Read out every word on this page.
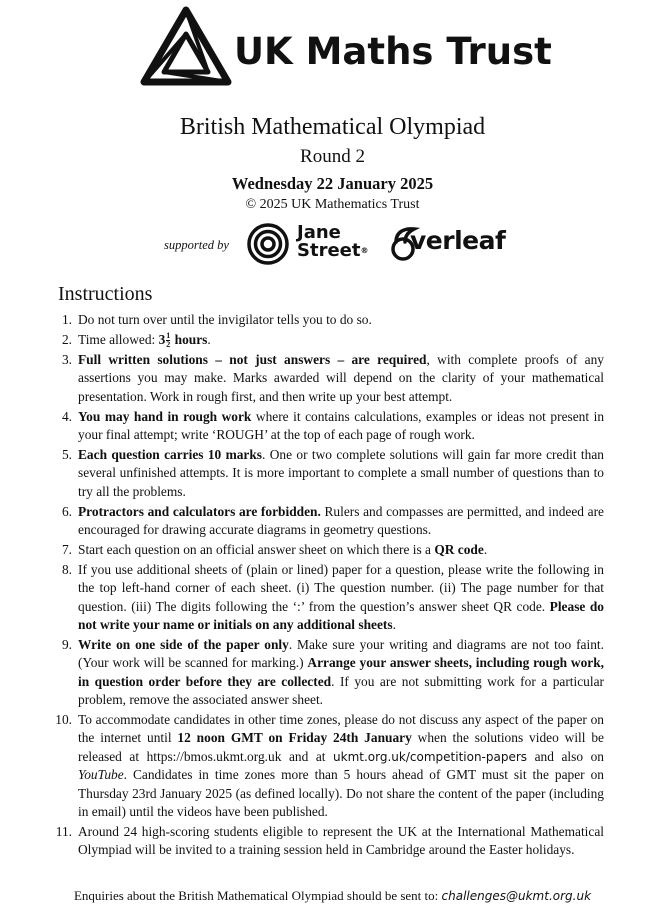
UK Maths Trust
British Mathematical Olympiad
Round 2
Wednesday 22 January 2025
© 2025 UK Mathematics Trust
supported by
Jane
Street® verleaf
Instructions
1. Do not turn over until the invigilator tells you to do so.
2. Time allowed: $3 \frac{1}{2}$ hours.
3. Full written solutions – not just answers – are required, with complete proofs of any assertions you may make. Marks awarded will depend on the clarity of your mathematical presentation. Work in rough first, and then write up your best attempt.
4. You may hand in rough work where it contains calculations, examples or ideas not present in your final attempt; write ‘ROUGH’ at the top of each page of rough work.
5. Each question carries 10 marks. One or two complete solutions will gain far more credit than several unfinished attempts. It is more important to complete a small number of questions than to try all the problems.
6. Protractors and calculators are forbidden. Rulers and compasses are permitted, and indeed are encouraged for drawing accurate diagrams in geometry questions.
7. Start each question on an official answer sheet on which there is a QR code.
8. If you use additional sheets of (plain or lined) paper for a question, please write the following in the top left-hand corner of each sheet. (i) The question number. (ii) The page number for that question. (iii) The digits following the ‘:’ from the question’s answer sheet QR code. Please do not write your name or initials on any additional sheets.
9. Write on one side of the paper only. Make sure your writing and diagrams are not too faint. (Your work will be scanned for marking.) Arrange your answer sheets, including rough work, in question order before they are collected. If you are not submitting work for a particular problem, remove the associated answer sheet.
10. To accommodate candidates in other time zones, please do not discuss any aspect of the paper on the internet until 12 noon GMT on Friday 24th January when the solutions video will be released at https://bmos.ukmt.org.uk and at ukmt.org.uk/competition-papers and also on YouTube. Candidates in time zones more than 5 hours ahead of GMT must sit the paper on Thursday 23rd January 2025 (as defined locally). Do not share the content of the paper (including in email) until the videos have been published.
11. Around 24 high-scoring students eligible to represent the UK at the International Mathematical Olympiad will be invited to a training session held in Cambridge around the Easter holidays.
Enquiries about the British Mathematical Olympiad should be sent to: challenges@ukmt.org.uk
